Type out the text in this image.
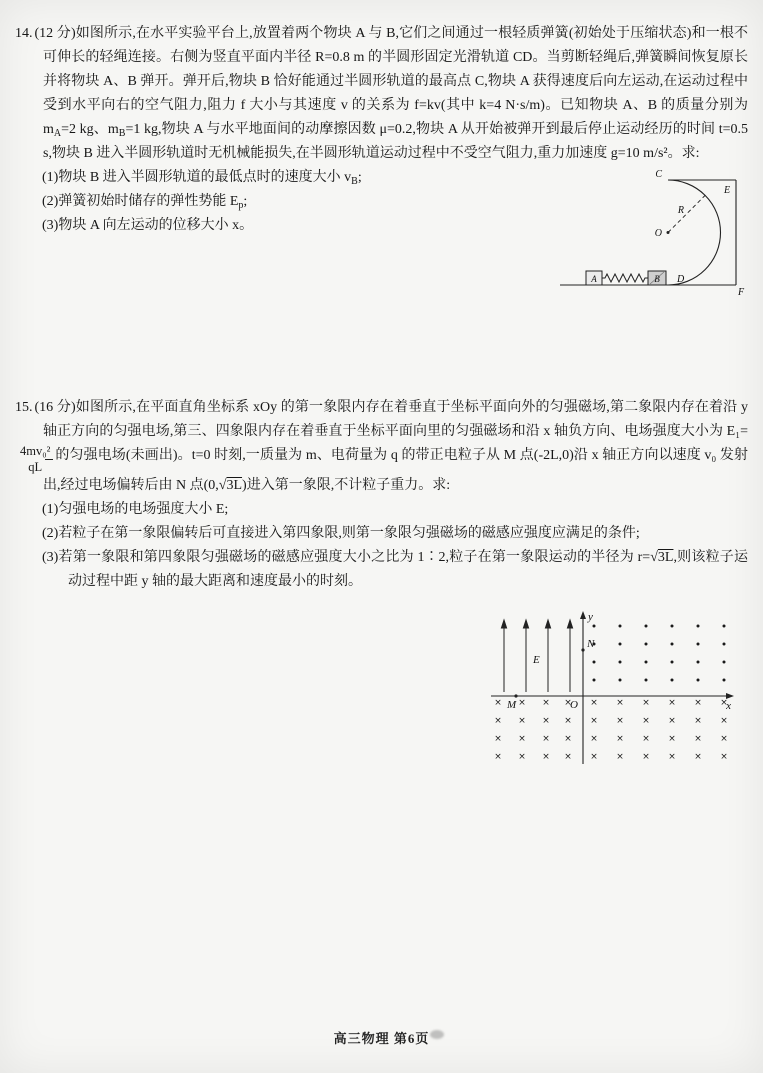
14. (12 分)如图所示,在水平实验平台上,放置着两个物块 A 与 B,它们之间通过一根轻质弹簧(初始处于压缩状态)和一根不可伸长的轻绳连接。右侧为竖直平面内半径 R=0.8 m 的半圆形固定光滑轨道 CD。当剪断轻绳后,弹簧瞬间恢复原长并将物块 A、B 弹开。弹开后,物块 B 恰好能通过半圆形轨道的最高点 C,物块 A 获得速度后向左运动,在运动过程中受到水平向右的空气阻力,阻力 f 大小与其速度 v 的关系为 f=kv(其中 k=4 N·s/m)。已知物块 A、B 的质量分别为 $m_A=2$ kg、$m_B=1$ kg,物块 A 与水平地面间的动摩擦因数 μ=0.2,物块 A 从开始被弹开到最后停止运动经历的时间 t=0.5 s,物块 B 进入半圆形轨道时无机械能损失,在半圆形轨道运动过程中不受空气阻力,重力加速度 g=10 m/s²。求:

(1)物块 B 进入半圆形轨道的最低点时的速度大小 $v_B$;

(2)弹簧初始时储存的弹性势能 $E_p$;

(3)物块 A 向左运动的位移大小 x。

C
E
R
O
D
F
A	B

15. (16 分)如图所示,在平面直角坐标系 xOy 的第一象限内存在着垂直于坐标平面向外的匀强磁场,第二象限内存在着沿 y 轴正方向的匀强电场,第三、四象限内存在着垂直于坐标平面向里的匀强磁场和沿 x 轴负方向、电场强度大小为 E₁=
$\frac{\text{4mv₀²}}{qL}$ 的匀强电场(未画出)。t=0 时刻,一质量为 m、电荷量为 q 的带正电粒子从 M 点(-2L,0)沿 x 轴正方向以速度 v₀ 发射出,经过电场偏转后由 N 点(0,√3L)进入第一象限,不计粒子重力。求:

(1)匀强电场的电场强度大小 E;

(2)若粒子在第一象限偏转后可直接进入第四象限,则第一象限匀强磁场的磁感应强度应满足的条件;

(3)若第一象限和第四象限匀强磁场的磁感应强度大小之比为 1∶2,粒子在第一象限运动的半径为 r=√3L,则该粒子运动过程中距 y 轴的最大距离和速度最小的时刻。

× × × ×
× × × ×
× × × ×
× × × ×
× × × × × ×
× × × × × ×
× × × × × ×
× × × × × ×
y
x
O
N
M
E
高三物理 第6页
